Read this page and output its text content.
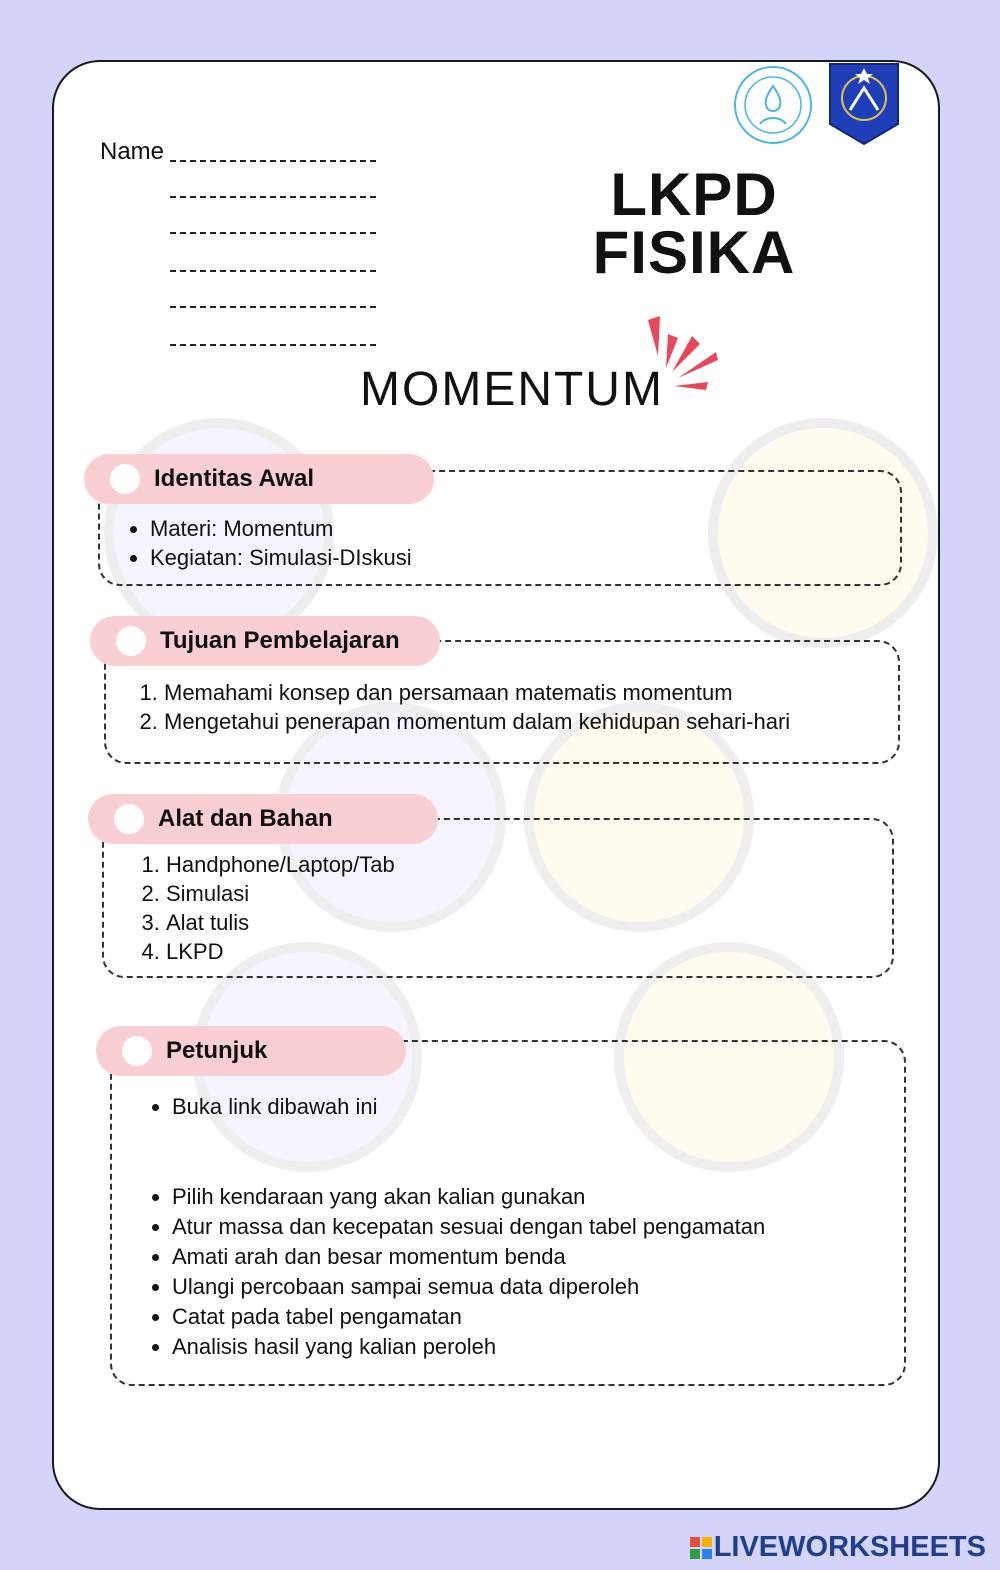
Name
LKPD
FISIKA
MOMENTUM
Identitas Awal
• Materi: Momentum
• Kegiatan: Simulasi-DIskusi
Tujuan Pembelajaran
1. Memahami konsep dan persamaan matematis momentum
2. Mengetahui penerapan momentum dalam kehidupan sehari-hari
Alat dan Bahan
1. Handphone/Laptop/Tab
2. Simulasi
3. Alat tulis
4. LKPD
Petunjuk
• Buka link dibawah ini
• Pilih kendaraan yang akan kalian gunakan
• Atur massa dan kecepatan sesuai dengan tabel pengamatan
• Amati arah dan besar momentum benda
• Ulangi percobaan sampai semua data diperoleh
• Catat pada tabel pengamatan
• Analisis hasil yang kalian peroleh
LIVEWORKSHEETS
